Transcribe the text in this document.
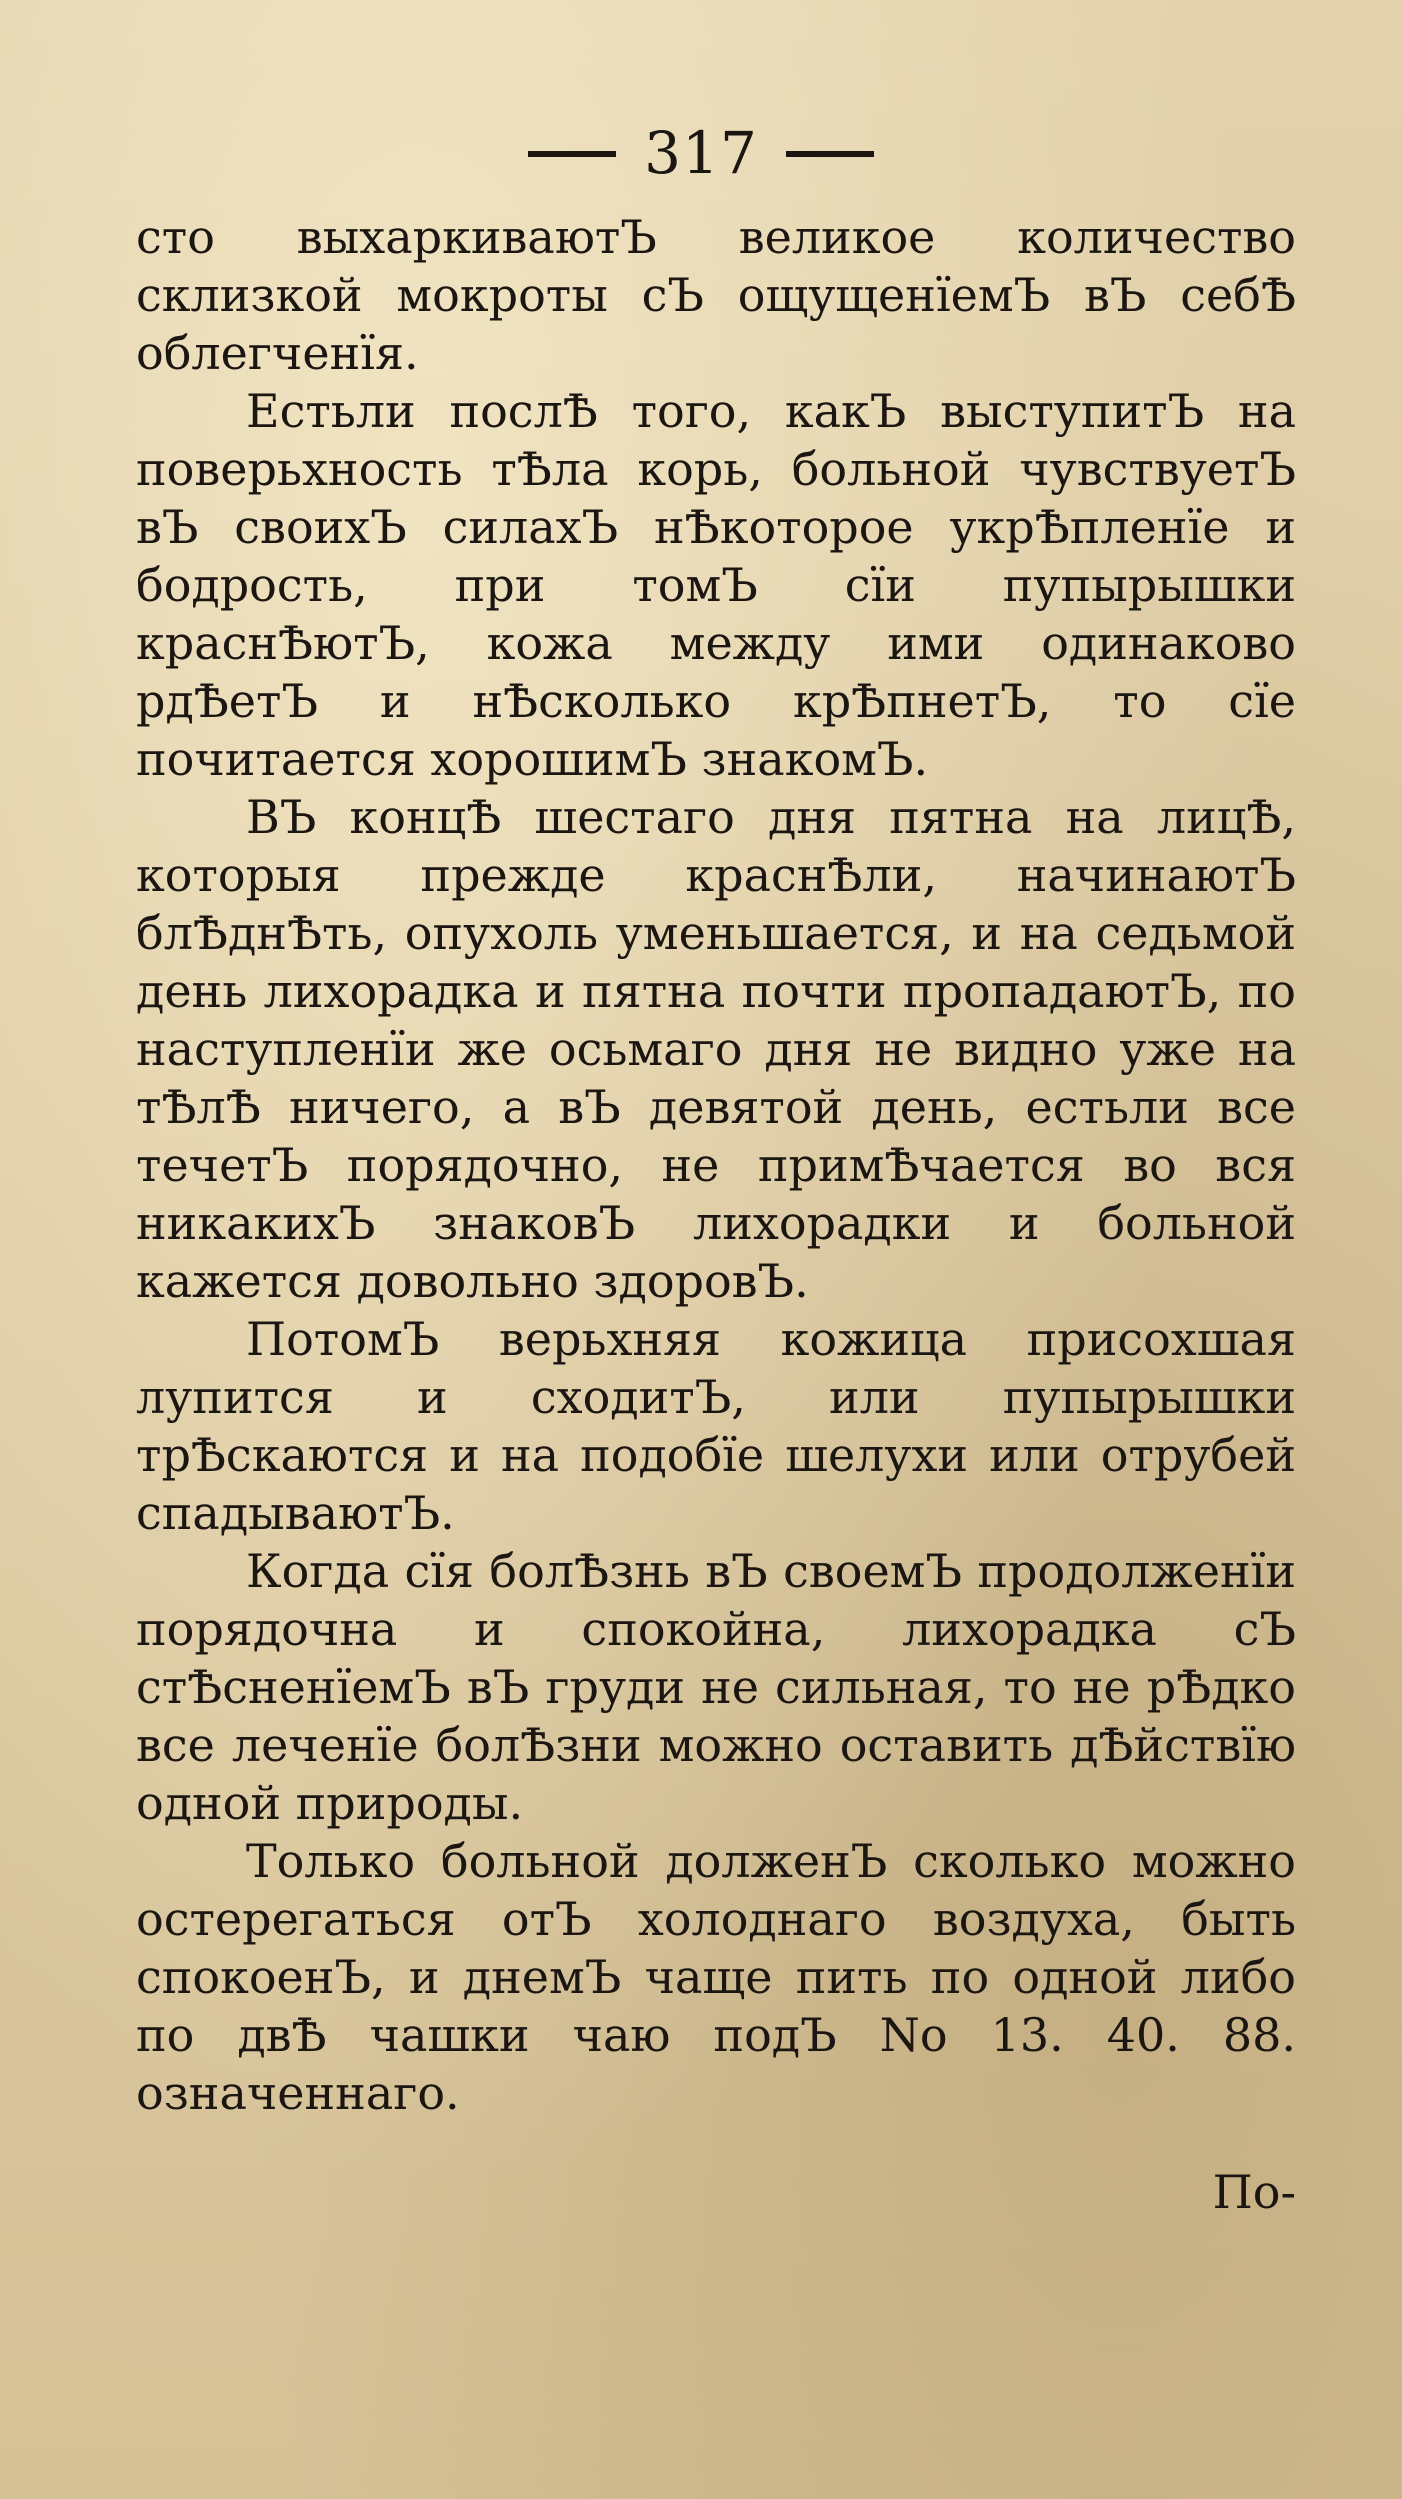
317

сто выхаркиваютЪ великое количество склизкой мокроты сЪ ощущенїемЪ вЪ себѢ облегченїя.

Естьли послѢ того, какЪ выступитЪ на поверьхность тѢла корь, больной чувствуетЪ вЪ своихЪ силахЪ нѢкоторое укрѢпленїе и бодрость, при томЪ сїи пупырышки краснѢютЪ, кожа между ими одинаково рдѢетЪ и нѢсколько крѢпнетЪ, то сїе почитается хорошимЪ знакомЪ.

ВЪ концѢ шестаго дня пятна на лицѢ, которыя прежде краснѢли, начинаютЪ блѢднѢть, опухоль уменьшается, и на седьмой день лихорадка и пятна почти пропадаютЪ, по наступленїи же осьмаго дня не видно уже на тѢлѢ ничего, а вЪ девятой день, естьли все течетЪ порядочно, не примѢчается во вся никакихЪ знаковЪ лихорадки и больной кажется довольно здоровЪ.

ПотомЪ верьхняя кожица присохшая лупится и сходитЪ, или пупырышки трѢскаются и на подобїе шелухи или отрубей спадываютЪ.

Когда сїя болѢзнь вЪ своемЪ продолженїи порядочна и спокойна, лихорадка сЪ стѢсненїемЪ вЪ груди не сильная, то не рѢдко все леченїе болѢзни можно оставить дѢйствїю одной природы.

Только больной долженЪ сколько можно остерегаться отЪ холоднаго воздуха, быть спокоенЪ, и днемЪ чаще пить по одной либо по двѢ чашки чаю подЪ No 13. 40. 88. означеннаго.

По-
